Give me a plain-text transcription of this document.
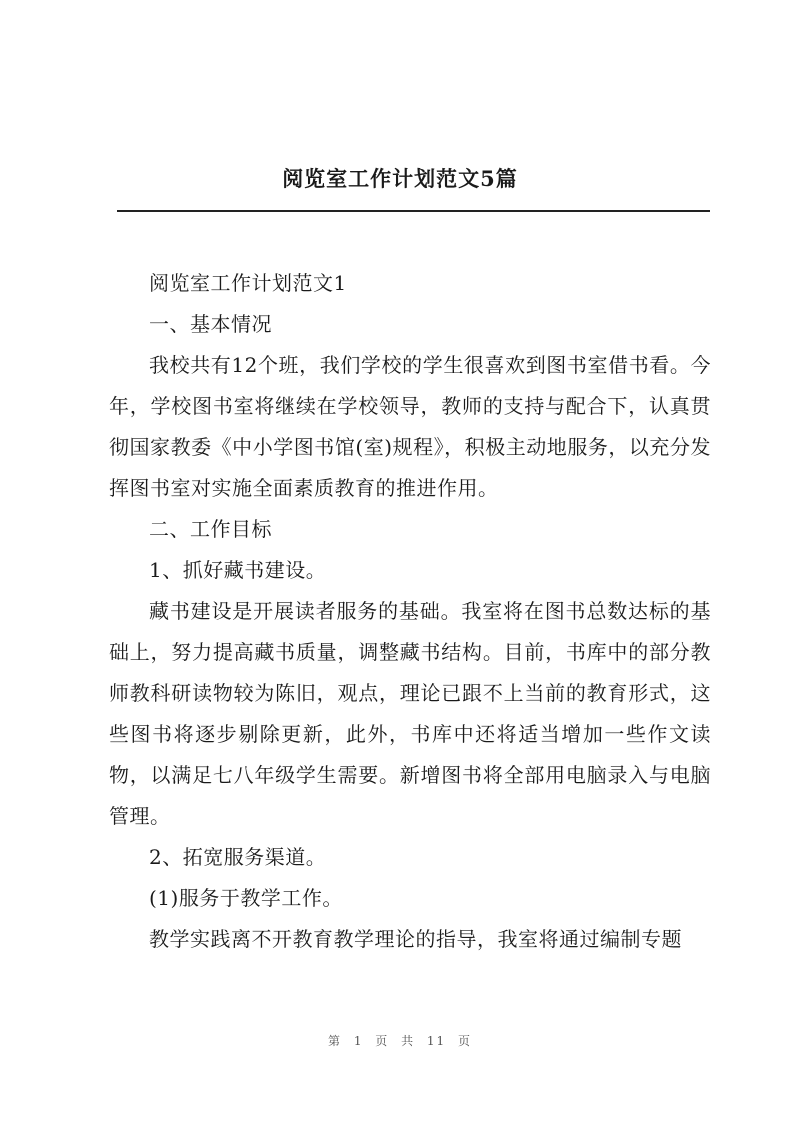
阅览室工作计划范文5篇

阅览室工作计划范文1

一、基本情况

我校共有12个班，我们学校的学生很喜欢到图书室借书看。今年，学校图书室将继续在学校领导，教师的支持与配合下，认真贯彻国家教委《中小学图书馆(室)规程》，积极主动地服务，以充分发挥图书室对实施全面素质教育的推进作用。

二、工作目标

1、抓好藏书建设。

藏书建设是开展读者服务的基础。我室将在图书总数达标的基础上，努力提高藏书质量，调整藏书结构。目前，书库中的部分教师教科研读物较为陈旧，观点，理论已跟不上当前的教育形式，这些图书将逐步剔除更新，此外，书库中还将适当增加一些作文读物，以满足七八年级学生需要。新增图书将全部用电脑录入与电脑管理。

2、拓宽服务渠道。

(1)服务于教学工作。

教学实践离不开教育教学理论的指导，我室将通过编制专题

第 1 页 共 11 页
